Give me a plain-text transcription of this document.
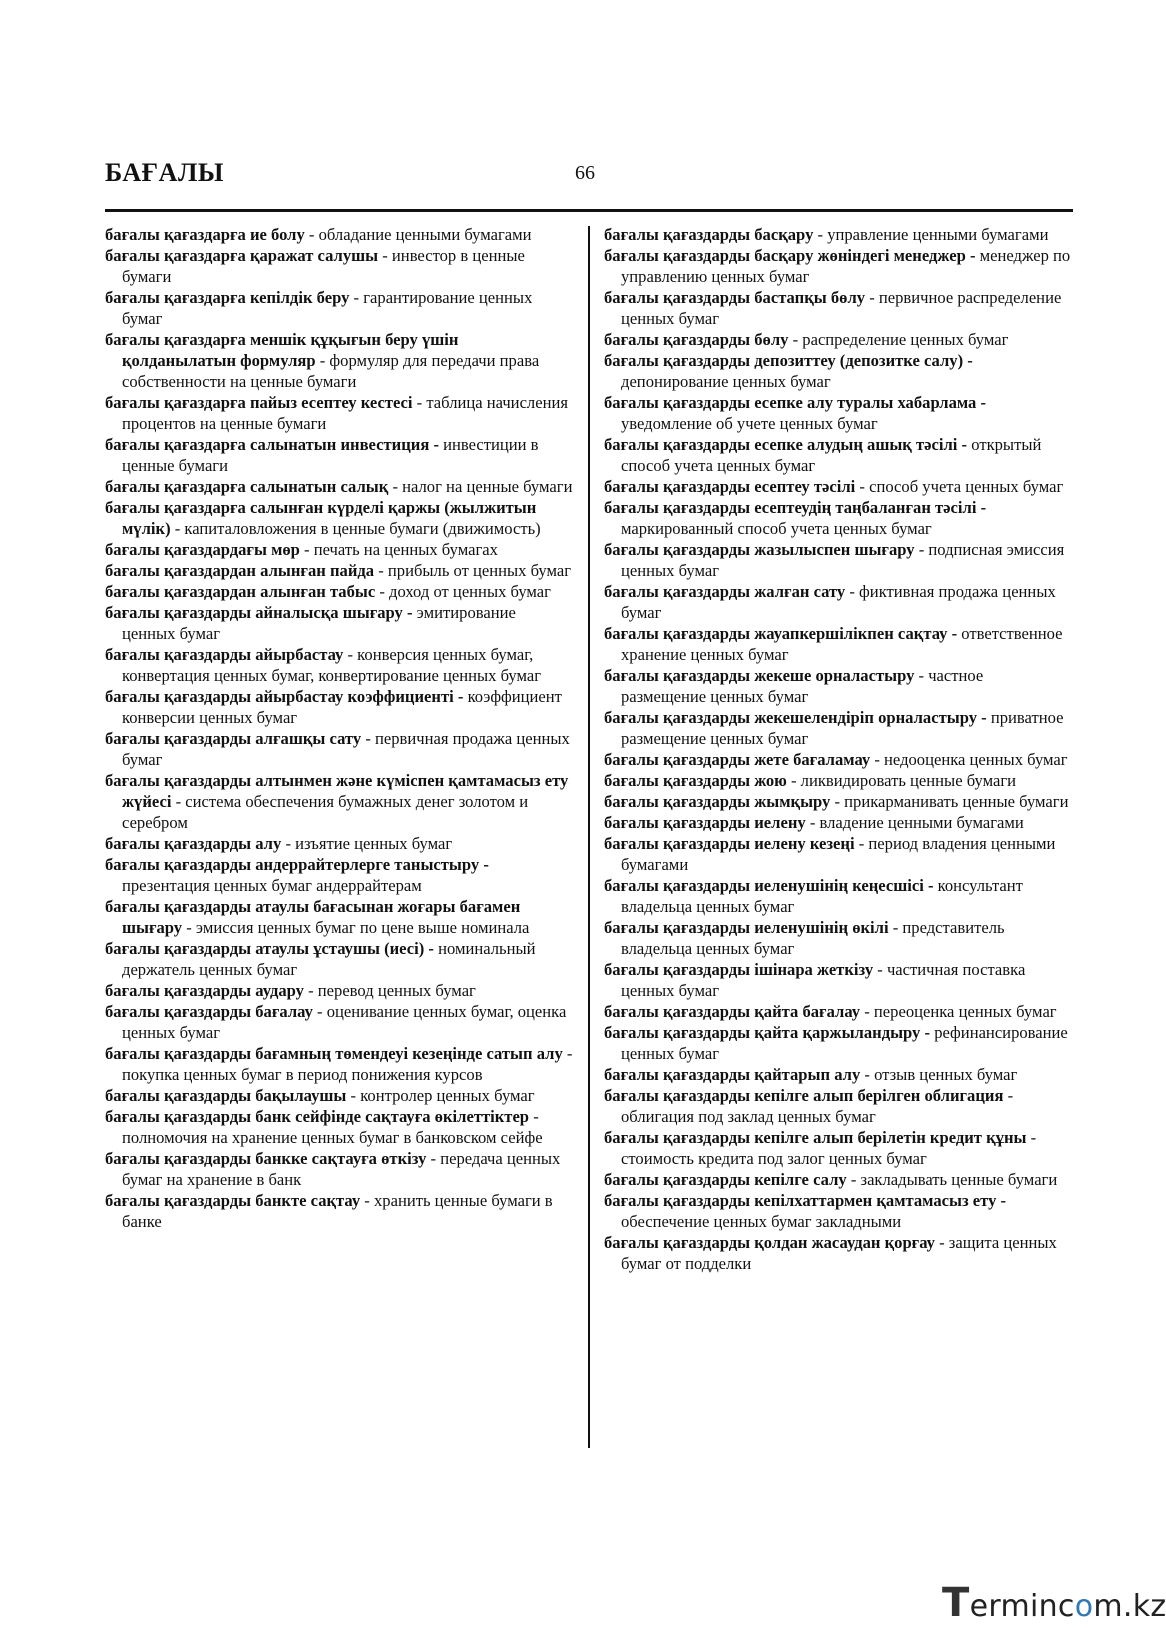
БАҒАЛЫ	66

бағалы қағаздарға ие болу - обладание ценными бумагами

бағалы қағаздарға қаражат салушы - инвестор в ценные бумаги

бағалы қағаздарға кепілдік беру - гарантирование ценных бумаг

бағалы қағаздарға меншік құқығын беру үшін қолданылатын формуляр - формуляр для передачи права собственности на ценные бумаги

бағалы қағаздарға пайыз есептеу кестесі - таблица начисления процентов на ценные бумаги

бағалы қағаздарға салынатын инвестиция - инвестиции в ценные бумаги

бағалы қағаздарға салынатын салық - налог на ценные бумаги

бағалы қағаздарға салынған күрделі қаржы (жылжитын мүлік) - капиталовложения в ценные бумаги (движимость)

бағалы қағаздардағы мөр - печать на ценных бумагах

бағалы қағаздардан алынған пайда - прибыль от ценных бумаг

бағалы қағаздардан алынған табыс - доход от ценных бумаг

бағалы қағаздарды айналысқа шығару - эмитирование ценных бумаг

бағалы қағаздарды айырбастау - конверсия ценных бумаг, конвертация ценных бумаг, конвертирование ценных бумаг

бағалы қағаздарды айырбастау коэффициенті - коэффициент конверсии ценных бумаг

бағалы қағаздарды алғашқы сату - первичная продажа ценных бумаг

бағалы қағаздарды алтынмен және күміспен қамтамасыз ету жүйесі - система обеспечения бумажных денег золотом и серебром

бағалы қағаздарды алу - изъятие ценных бумаг

бағалы қағаздарды андеррайтерлерге таныстыру - презентация ценных бумаг андеррайтерам

бағалы қағаздарды атаулы бағасынан жоғары бағамен шығару - эмиссия ценных бумаг по цене выше номинала

бағалы қағаздарды атаулы ұстаушы (иесі) - номинальный держатель ценных бумаг

бағалы қағаздарды аудару - перевод ценных бумаг

бағалы қағаздарды бағалау - оценивание ценных бумаг, оценка ценных бумаг

бағалы қағаздарды бағамның төмендеуі кезеңінде сатып алу - покупка ценных бумаг в период понижения курсов

бағалы қағаздарды бақылаушы - контролер ценных бумаг

бағалы қағаздарды банк сейфінде сақтауға өкілеттіктер - полномочия на хранение ценных бумаг в банковском сейфе

бағалы қағаздарды банкке сақтауға өткізу - передача ценных бумаг на хранение в банк

бағалы қағаздарды банкте сақтау - хранить ценные бумаги в банке

бағалы қағаздарды басқару - управление ценными бумагами

бағалы қағаздарды басқару жөніндегі менеджер - менеджер по управлению ценных бумаг

бағалы қағаздарды бастапқы бөлу - первичное распределение ценных бумаг

бағалы қағаздарды бөлу - распределение ценных бумаг

бағалы қағаздарды депозиттеу (депозитке салу) - депонирование ценных бумаг

бағалы қағаздарды есепке алу туралы хабарлама - уведомление об учете ценных бумаг

бағалы қағаздарды есепке алудың ашық тәсілі - открытый способ учета ценных бумаг

бағалы қағаздарды есептеу тәсілі - способ учета ценных бумаг

бағалы қағаздарды есептеудің таңбаланған тәсілі - маркированный способ учета ценных бумаг

бағалы қағаздарды жазылыспен шығару - подписная эмиссия ценных бумаг

бағалы қағаздарды жалған сату - фиктивная продажа ценных бумаг

бағалы қағаздарды жауапкершілікпен сақтау - ответственное хранение ценных бумаг

бағалы қағаздарды жекеше орналастыру - частное размещение ценных бумаг

бағалы қағаздарды жекешелендіріп орналастыру - приватное размещение ценных бумаг

бағалы қағаздарды жете бағаламау - недооценка ценных бумаг

бағалы қағаздарды жою - ликвидировать ценные бумаги

бағалы қағаздарды жымқыру - прикарманивать ценные бумаги

бағалы қағаздарды иелену - владение ценными бумагами

бағалы қағаздарды иелену кезеңі - период владения ценными бумагами

бағалы қағаздарды иеленушінің кеңесшісі - консультант владельца ценных бумаг

бағалы қағаздарды иеленушінің өкілі - представитель владельца ценных бумаг

бағалы қағаздарды ішінара жеткізу - частичная поставка ценных бумаг

бағалы қағаздарды қайта бағалау - переоценка ценных бумаг

бағалы қағаздарды қайта қаржыландыру - рефинансирование ценных бумаг

бағалы қағаздарды қайтарып алу - отзыв ценных бумаг

бағалы қағаздарды кепілге алып берілген облигация - облигация под заклад ценных бумаг

бағалы қағаздарды кепілге алып берілетін кредит құны - стоимость кредита под залог ценных бумаг

бағалы қағаздарды кепілге салу - закладывать ценные бумаги

бағалы қағаздарды кепілхаттармен қамтамасыз ету - обеспечение ценных бумаг закладными

бағалы қағаздарды қолдан жасаудан қорғау - защита ценных бумаг от подделки

Termincom.kz
